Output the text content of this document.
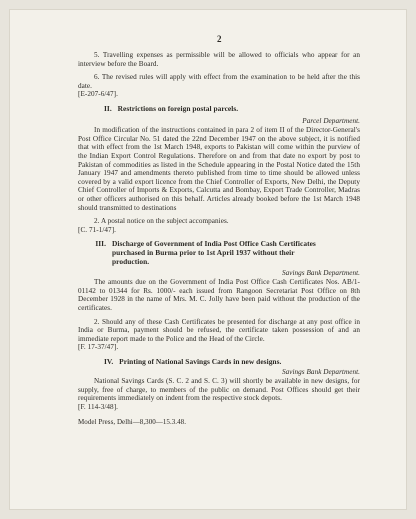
2

5. Travelling expenses as permissible will be allowed to officials who appear for an interview before the Board.

6. The revised rules will apply with effect from the examination to be held after the this date.

[E-207-6/47].

II. Restrictions on foreign postal parcels.

Parcel Department.

In modification of the instructions contained in para 2 of item II of the Director-General's Post Office Circular No. 51 dated the 22nd December 1947 on the above subject, it is notified that with effect from the 1st March 1948, exports to Pakistan will come within the purview of the Indian Export Control Regulations. Therefore on and from that date no export by post to Pakistan of commodities as listed in the Schedule appearing in the Postal Notice dated the 15th January 1947 and amendments thereto published from time to time should be allowed unless covered by a valid export licence from the Chief Controller of Exports, New Delhi, the Deputy Chief Controller of Imports & Exports, Calcutta and Bombay, Export Trade Controller, Madras or other officers authorised on this behalf. Articles already booked before the 1st March 1948 should transmitted to destinations

2. A postal notice on the subject accompanies.

[C. 71-1/47].

III. Discharge of Government of India Post Office Cash Certificates
purchased in Burma prior to 1st April 1937 without their
production.

Savings Bank Department.

The amounts due on the Government of India Post Office Cash Certificates Nos. AB/1-01142 to 01344 for Rs. 1000/- each issued from Rangoon Secretariat Post Office on 8th December 1928 in the name of Mrs. M. C. Jolly have been paid without the production of the certificates.

2. Should any of these Cash Certificates be presented for discharge at any post office in India or Burma, payment should be refused, the certificate taken possession of and an immediate report made to the Police and the Head of the Circle.

[F. 17-37/47].

IV. Printing of National Savings Cards in new designs.

Savings Bank Department.

National Savings Cards (S. C. 2 and S. C. 3) will shortly be available in new designs, for supply, free of charge, to members of the public on demand. Post Offices should get their requirements immediately on indent from the respective stock depots.

[F. 114-3/48].

Model Press, Delhi—8,300—15.3.48.
